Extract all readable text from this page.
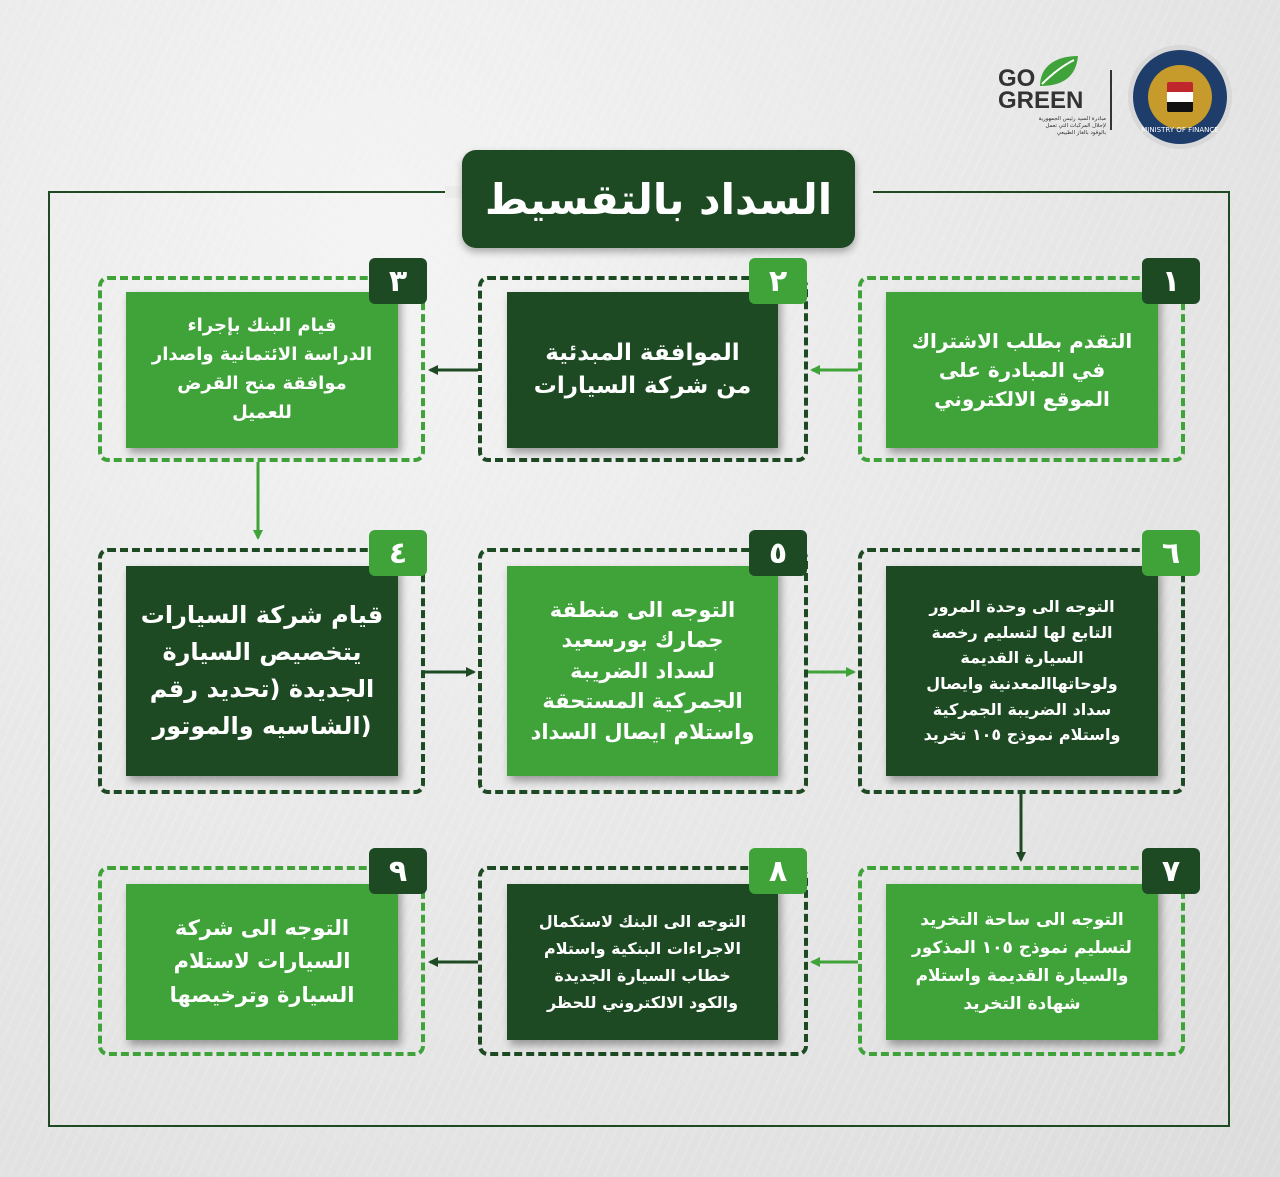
GO
GREEN
مبادرة السيد رئيس الجمهورية
لإحلال المركبات التي تعمل
بالوقود بالغاز الطبيعي	MINISTRY OF FINANCE
السداد بالتقسيط
التقدم بطلب الاشتراك
في المبادرة على
الموقع الالكتروني
الموافقة المبدئية
من شركة السيارات
قيام البنك بإجراء
الدراسة الائتمانية واصدار
موافقة منح القرض
للعميل
قيام شركة السيارات
يتخصيص السيارة
الجديدة (تحديد رقم
الشاسيه والموتور)
التوجه الى منطقة
جمارك بورسعيد
لسداد الضريبة
الجمركية المستحقة
واستلام ايصال السداد
التوجه الى وحدة المرور
التابع لها لتسليم رخصة
السيارة القديمة
ولوحاتهاالمعدنية وايصال
سداد الضريبة الجمركية
واستلام نموذج ١٠٥ تخريد
التوجه الى ساحة التخريد
لتسليم نموذج ١٠٥ المذكور
والسيارة القديمة واستلام
شهادة التخريد
التوجه الى البنك لاستكمال
الاجراءات البنكية واستلام
خطاب السيارة الجديدة
والكود الالكتروني للحظر
التوجه الى شركة
السيارات لاستلام
السيارة وترخيصها
١
٢
٣
٤	٥	٦
٧
٨
٩
